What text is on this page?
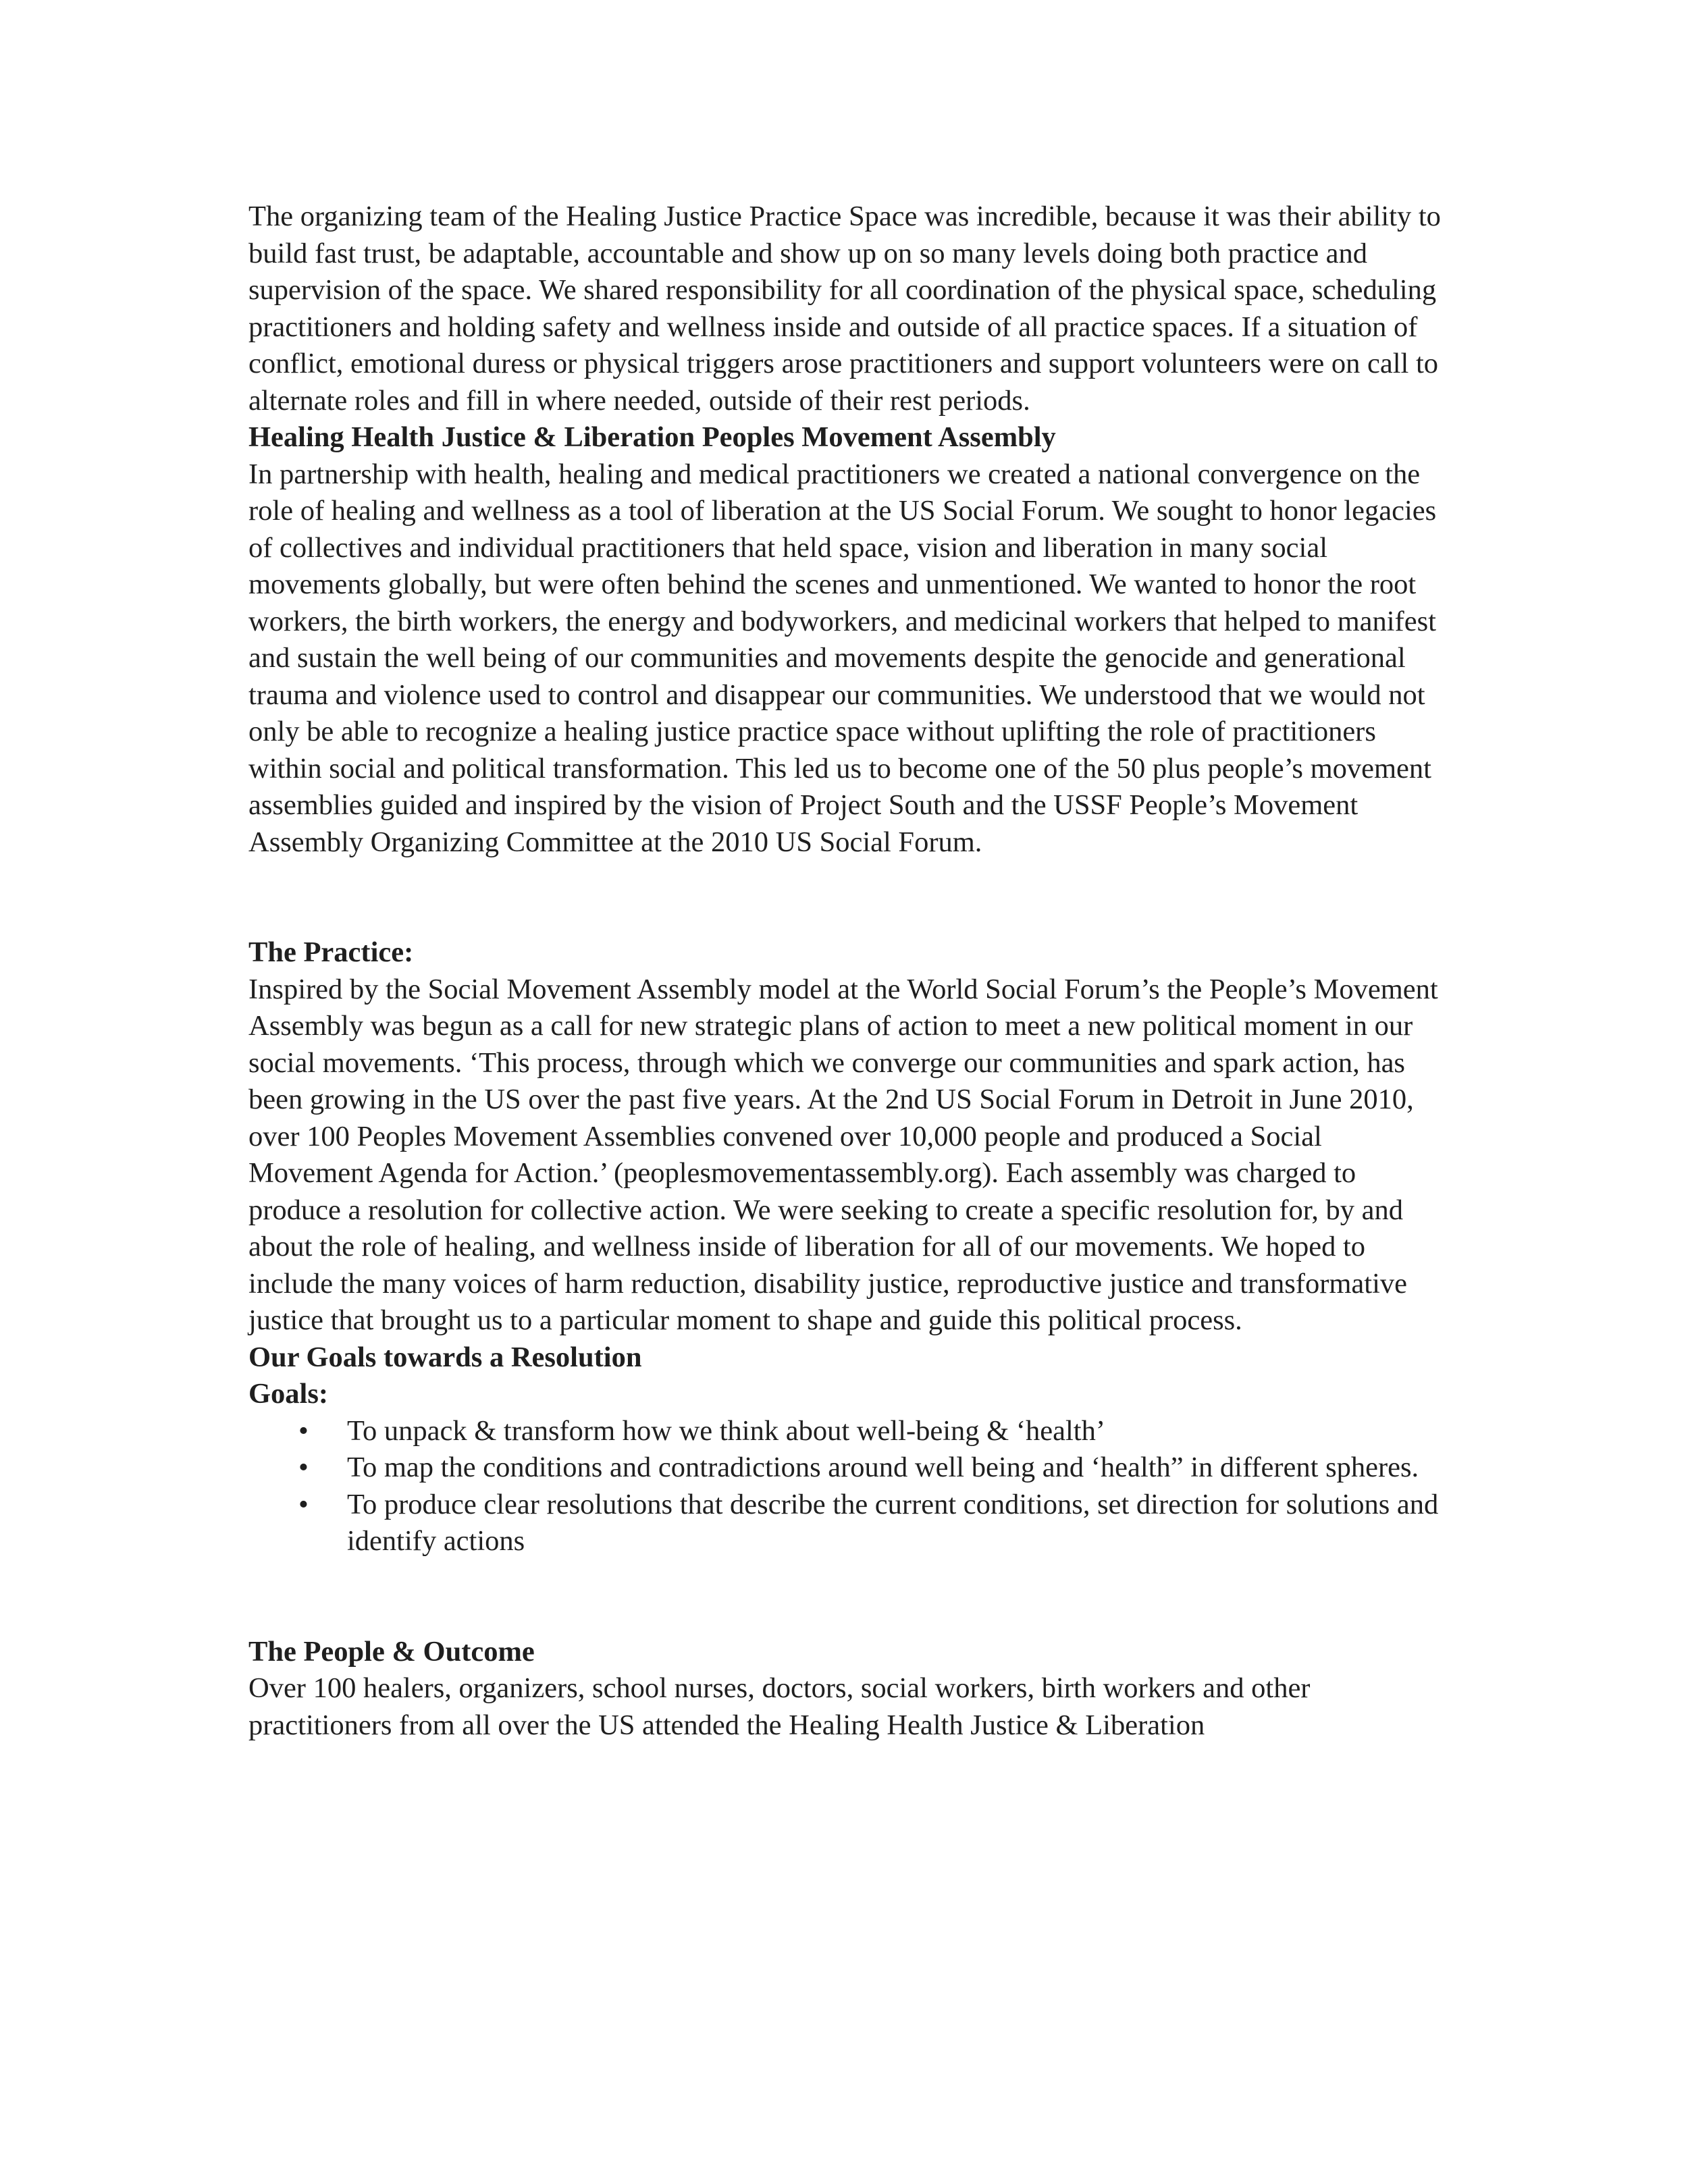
The organizing team of the Healing Justice Practice Space was incredible, because it was their ability to build fast trust, be adaptable, accountable and show up on so many levels doing both practice and supervision of the space. We shared responsibility for all coordination of the physical space, scheduling practitioners and holding safety and wellness inside and outside of all practice spaces. If a situation of conflict, emotional duress or physical triggers arose practitioners and support volunteers were on call to alternate roles and fill in where needed, outside of their rest periods.

Healing Health Justice & Liberation Peoples Movement Assembly

In partnership with health, healing and medical practitioners we created a national convergence on the role of healing and wellness as a tool of liberation at the US Social Forum. We sought to honor legacies of collectives and individual practitioners that held space, vision and liberation in many social movements globally, but were often behind the scenes and unmentioned. We wanted to honor the root workers, the birth workers, the energy and bodyworkers, and medicinal workers that helped to manifest and sustain the well being of our communities and movements despite the genocide and generational trauma and violence used to control and disappear our communities. We understood that we would not only be able to recognize a healing justice practice space without uplifting the role of practitioners within social and political transformation. This led us to become one of the 50 plus people’s movement assemblies guided and inspired by the vision of Project South and the USSF People’s Movement Assembly Organizing Committee at the 2010 US Social Forum.

The Practice:

Inspired by the Social Movement Assembly model at the World Social Forum’s the People’s Movement Assembly was begun as a call for new strategic plans of action to meet a new political moment in our social movements. ‘This process, through which we converge our communities and spark action, has been growing in the US over the past five years. At the 2nd US Social Forum in Detroit in June 2010, over 100 Peoples Movement Assemblies convened over 10,000 people and produced a Social Movement Agenda for Action.’ (peoplesmovementassembly.org). Each assembly was charged to produce a resolution for collective action. We were seeking to create a specific resolution for, by and about the role of healing, and wellness inside of liberation for all of our movements. We hoped to include the many voices of harm reduction, disability justice, reproductive justice and transformative justice that brought us to a particular moment to shape and guide this political process.

Our Goals towards a Resolution

Goals:

• To unpack & transform how we think about well-being & ‘health’
• To map the conditions and contradictions around well being and ‘health” in different spheres.
• To produce clear resolutions that describe the current conditions, set direction for solutions and identify actions

The People & Outcome

Over 100 healers, organizers, school nurses, doctors, social workers, birth workers and other practitioners from all over the US attended the Healing Health Justice & Liberation
